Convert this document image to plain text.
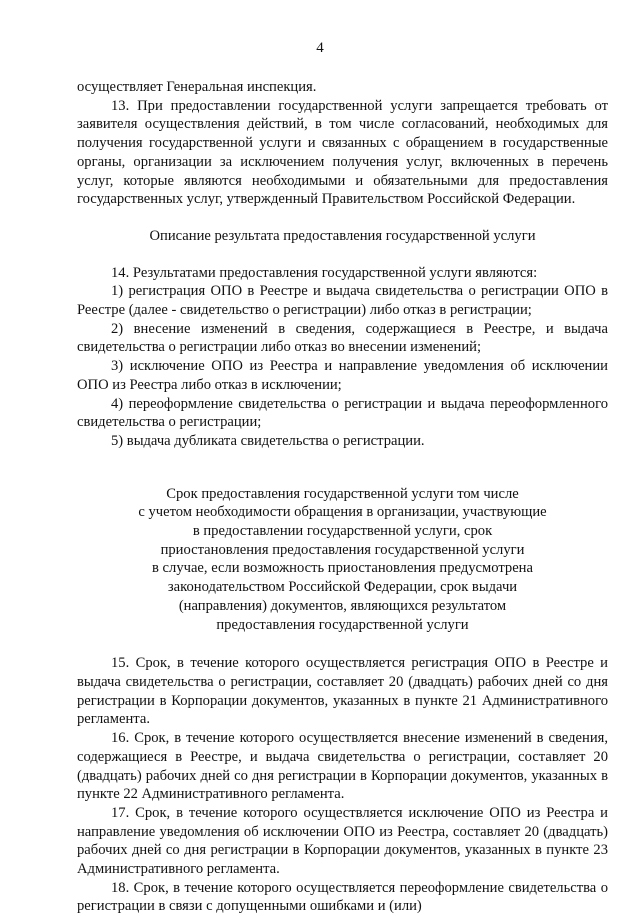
4

осуществляет Генеральная инспекция.

13. При предоставлении государственной услуги запрещается требовать от заявителя осуществления действий, в том числе согласований, необходимых для получения государственной услуги и связанных с обращением в государственные органы, организации за исключением получения услуг, включенных в перечень услуг, которые являются необходимыми и обязательными для предоставления государственных услуг, утвержденный Правительством Российской Федерации.

Описание результата предоставления государственной услуги

14. Результатами предоставления государственной услуги являются:

1) регистрация ОПО в Реестре и выдача свидетельства о регистрации ОПО в Реестре (далее - свидетельство о регистрации) либо отказ в регистрации;

2) внесение изменений в сведения, содержащиеся в Реестре, и выдача свидетельства о регистрации либо отказ во внесении изменений;

3) исключение ОПО из Реестра и направление уведомления об исключении ОПО из Реестра либо отказ в исключении;

4) переоформление свидетельства о регистрации и выдача переоформленного свидетельства о регистрации;

5) выдача дубликата свидетельства о регистрации.

Срок предоставления государственной услуги том числе
с учетом необходимости обращения в организации, участвующие
в предоставлении государственной услуги, срок
приостановления предоставления государственной услуги
в случае, если возможность приостановления предусмотрена
законодательством Российской Федерации, срок выдачи
(направления) документов, являющихся результатом
предоставления государственной услуги

15. Срок, в течение которого осуществляется регистрация ОПО в Реестре и выдача свидетельства о регистрации, составляет 20 (двадцать) рабочих дней со дня регистрации в Корпорации документов, указанных в пункте 21 Административного регламента.

16. Срок, в течение которого осуществляется внесение изменений в сведения, содержащиеся в Реестре, и выдача свидетельства о регистрации, составляет 20 (двадцать) рабочих дней со дня регистрации в Корпорации документов, указанных в пункте 22 Административного регламента.

17. Срок, в течение которого осуществляется исключение ОПО из Реестра и направление уведомления об исключении ОПО из Реестра, составляет 20 (двадцать) рабочих дней со дня регистрации в Корпорации документов, указанных в пункте 23 Административного регламента.

18. Срок, в течение которого осуществляется переоформление свидетельства о регистрации в связи с допущенными ошибками и (или)
